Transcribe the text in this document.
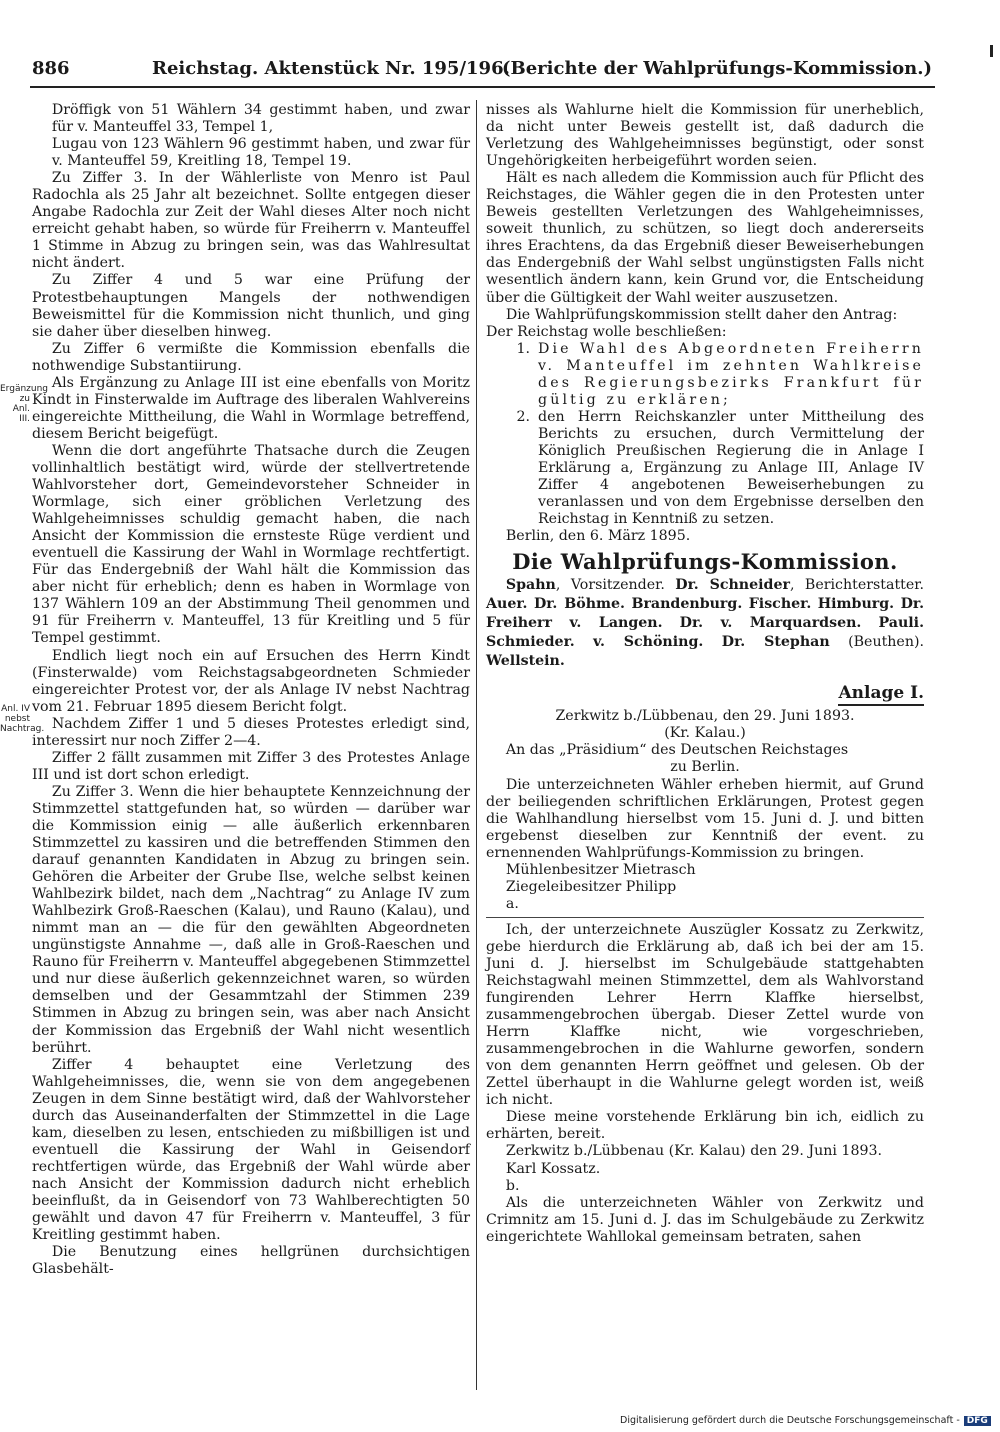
886	Reichstag. Aktenstück Nr. 195/196.
(Berichte der Wahlprüfungs-Kommission.)
Ergänzung zu Anl. III.
Anl. IV nebst Nachtrag.

Dröffigk von 51 Wählern 34 gestimmt haben, und zwar für v. Manteuffel 33, Tempel 1,

Lugau von 123 Wählern 96 gestimmt haben, und zwar für v. Manteuffel 59, Kreitling 18, Tempel 19.

Zu Ziffer 3. In der Wählerliste von Menro ist Paul Radochla als 25 Jahr alt bezeichnet. Sollte entgegen dieser Angabe Radochla zur Zeit der Wahl dieses Alter noch nicht erreicht gehabt haben, so würde für Freiherrn v. Manteuffel 1 Stimme in Abzug zu bringen sein, was das Wahlresultat nicht ändert.

Zu Ziffer 4 und 5 war eine Prüfung der Protestbehauptungen Mangels der nothwendigen Beweismittel für die Kommission nicht thunlich, und ging sie daher über dieselben hinweg.

Zu Ziffer 6 vermißte die Kommission ebenfalls die nothwendige Substantiirung.

Als Ergänzung zu Anlage III ist eine ebenfalls von Moritz Kindt in Finsterwalde im Auftrage des liberalen Wahlvereins eingereichte Mittheilung, die Wahl in Wormlage betreffend, diesem Bericht beigefügt.

Wenn die dort angeführte Thatsache durch die Zeugen vollinhaltlich bestätigt wird, würde der stellvertretende Wahlvorsteher dort, Gemeindevorsteher Schneider in Wormlage, sich einer gröblichen Verletzung des Wahlgeheimnisses schuldig gemacht haben, die nach Ansicht der Kommission die ernsteste Rüge verdient und eventuell die Kassirung der Wahl in Wormlage rechtfertigt. Für das Endergebniß der Wahl hält die Kommission das aber nicht für erheblich; denn es haben in Wormlage von 137 Wählern 109 an der Abstimmung Theil genommen und 91 für Freiherrn v. Manteuffel, 13 für Kreitling und 5 für Tempel gestimmt.

Endlich liegt noch ein auf Ersuchen des Herrn Kindt (Finsterwalde) vom Reichstagsabgeordneten Schmieder eingereichter Protest vor, der als Anlage IV nebst Nachtrag vom 21. Februar 1895 diesem Bericht folgt.

Nachdem Ziffer 1 und 5 dieses Protestes erledigt sind, interessirt nur noch Ziffer 2—4.

Ziffer 2 fällt zusammen mit Ziffer 3 des Protestes Anlage III und ist dort schon erledigt.

Zu Ziffer 3. Wenn die hier behauptete Kennzeichnung der Stimmzettel stattgefunden hat, so würden — darüber war die Kommission einig — alle äußerlich erkennbaren Stimmzettel zu kassiren und die betreffenden Stimmen den darauf genannten Kandidaten in Abzug zu bringen sein. Gehören die Arbeiter der Grube Ilse, welche selbst keinen Wahlbezirk bildet, nach dem „Nachtrag“ zu Anlage IV zum Wahlbezirk Groß-Raeschen (Kalau), und Rauno (Kalau), und nimmt man an — die für den gewählten Abgeordneten ungünstigste Annahme —, daß alle in Groß-Raeschen und Rauno für Freiherrn v. Manteuffel abgegebenen Stimmzettel und nur diese äußerlich gekennzeichnet waren, so würden demselben und der Gesammtzahl der Stimmen 239 Stimmen in Abzug zu bringen sein, was aber nach Ansicht der Kommission das Ergebniß der Wahl nicht wesentlich berührt.

Ziffer 4 behauptet eine Verletzung des Wahlgeheimnisses, die, wenn sie von dem angegebenen Zeugen in dem Sinne bestätigt wird, daß der Wahlvorsteher durch das Auseinanderfalten der Stimmzettel in die Lage kam, dieselben zu lesen, entschieden zu mißbilligen ist und eventuell die Kassirung der Wahl in Geisendorf rechtfertigen würde, das Ergebniß der Wahl würde aber nach Ansicht der Kommission dadurch nicht erheblich beeinflußt, da in Geisendorf von 73 Wahlberechtigten 50 gewählt und davon 47 für Freiherrn v. Manteuffel, 3 für Kreitling gestimmt haben.

Die Benutzung eines hellgrünen durchsichtigen Glasbehält-

nisses als Wahlurne hielt die Kommission für unerheblich, da nicht unter Beweis gestellt ist, daß dadurch die Verletzung des Wahlgeheimnisses begünstigt, oder sonst Ungehörigkeiten herbeigeführt worden seien.

Hält es nach alledem die Kommission auch für Pflicht des Reichstages, die Wähler gegen die in den Protesten unter Beweis gestellten Verletzungen des Wahlgeheimnisses, soweit thunlich, zu schützen, so liegt doch andererseits ihres Erachtens, da das Ergebniß dieser Beweiserhebungen das Endergebniß der Wahl selbst ungünstigsten Falls nicht wesentlich ändern kann, kein Grund vor, die Entscheidung über die Gültigkeit der Wahl weiter auszusetzen.

Die Wahlprüfungskommission stellt daher den Antrag:

Der Reichstag wolle beschließen:

1. Die Wahl des Abgeordneten Freiherrn v. Manteuffel im zehnten Wahlkreise des Regierungsbezirks Frankfurt für gültig zu erklären;
2. den Herrn Reichskanzler unter Mittheilung des Berichts zu ersuchen, durch Vermittelung der Königlich Preußischen Regierung die in Anlage I Erklärung a, Ergänzung zu Anlage III, Anlage IV Ziffer 4 angebotenen Beweiserhebungen zu veranlassen und von dem Ergebnisse derselben den Reichstag in Kenntniß zu setzen.

Berlin, den 6. März 1895.

Die Wahlprüfungs-Kommission.

Spahn, Vorsitzender. Dr. Schneider, Berichterstatter. Auer. Dr. Böhme. Brandenburg. Fischer. Himburg. Dr. Freiherr v. Langen. Dr. v. Marquardsen. Pauli. Schmieder. v. Schöning. Dr. Stephan (Beuthen). Wellstein.

Anlage I.

Zerkwitz b./Lübbenau, den 29. Juni 1893.

(Kr. Kalau.)

An das „Präsidium“ des Deutschen Reichstages

zu Berlin.

Die unterzeichneten Wähler erheben hiermit, auf Grund der beiliegenden schriftlichen Erklärungen, Protest gegen die Wahlhandlung hierselbst vom 15. Juni d. J. und bitten ergebenst dieselben zur Kenntniß der event. zu ernennenden Wahlprüfungs-Kommission zu bringen.

Mühlenbesitzer Mietrasch

Ziegeleibesitzer Philipp

a.

Ich, der unterzeichnete Auszügler Kossatz zu Zerkwitz, gebe hierdurch die Erklärung ab, daß ich bei der am 15. Juni d. J. hierselbst im Schulgebäude stattgehabten Reichstagwahl meinen Stimmzettel, dem als Wahlvorstand fungirenden Lehrer Herrn Klaffke hierselbst, zusammengebrochen übergab. Dieser Zettel wurde von Herrn Klaffke nicht, wie vorgeschrieben, zusammengebrochen in die Wahlurne geworfen, sondern von dem genannten Herrn geöffnet und gelesen. Ob der Zettel überhaupt in die Wahlurne gelegt worden ist, weiß ich nicht.

Diese meine vorstehende Erklärung bin ich, eidlich zu erhärten, bereit.

Zerkwitz b./Lübbenau (Kr. Kalau) den 29. Juni 1893.

Karl Kossatz.

b.

Als die unterzeichneten Wähler von Zerkwitz und Crimnitz am 15. Juni d. J. das im Schulgebäude zu Zerkwitz eingerichtete Wahllokal gemeinsam betraten, sahen

Digitalisierung gefördert durch die Deutsche Forschungsgemeinschaft - DFG
